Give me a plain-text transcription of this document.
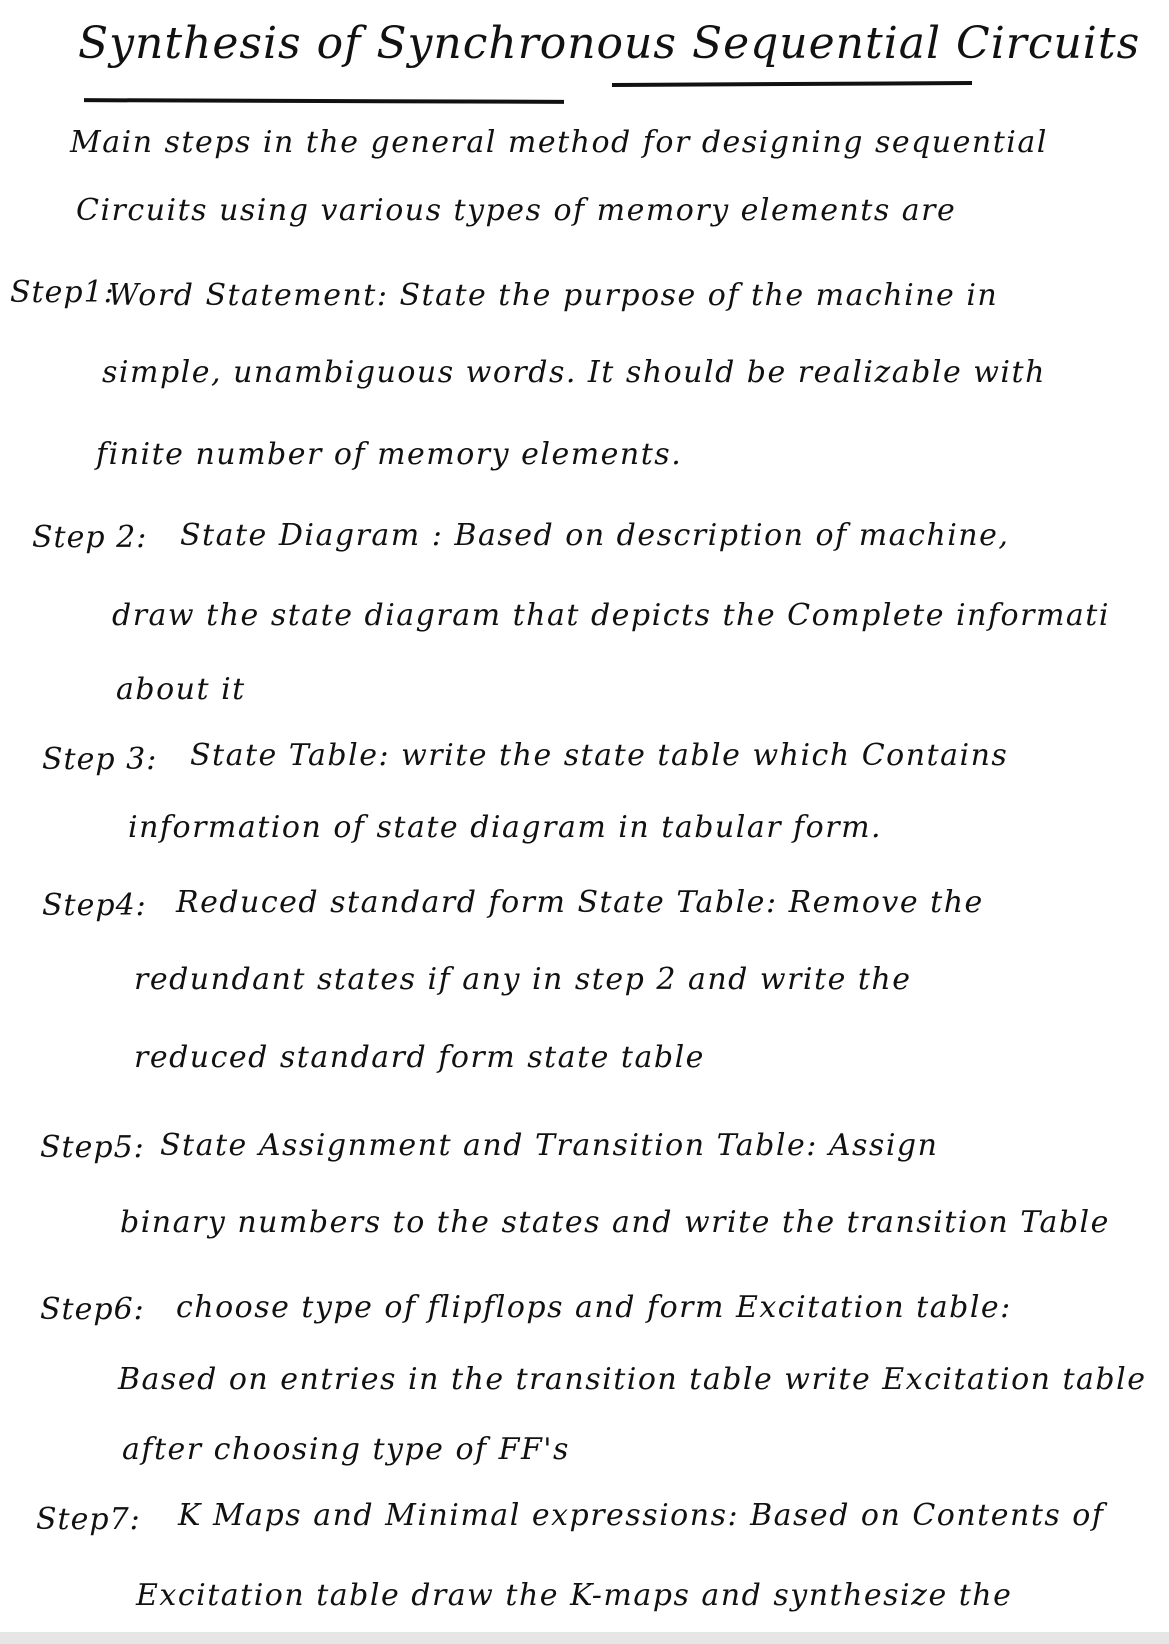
Synthesis of Synchronous Sequential Circuits
Main steps in the general method for designing sequential
Circuits using various types of memory elements are
Step1:
Word Statement: State the purpose of the machine in
simple, unambiguous words. It should be realizable with
finite number of memory elements.
Step 2: State Diagram : Based on description of machine,
draw the state diagram that depicts the Complete informati
about it
Step 3: State Table: write the state table which Contains
information of state diagram in tabular form.
Step4: Reduced standard form State Table: Remove the
redundant states if any in step 2 and write the
reduced standard form state table
Step5: State Assignment and Transition Table: Assign
binary numbers to the states and write the transition Table
Step6: choose type of flipflops and form Excitation table:
Based on entries in the transition table write Excitation table
after choosing type of FF's
Step7: K Maps and Minimal expressions: Based on Contents of
Excitation table draw the K-maps and synthesize the
